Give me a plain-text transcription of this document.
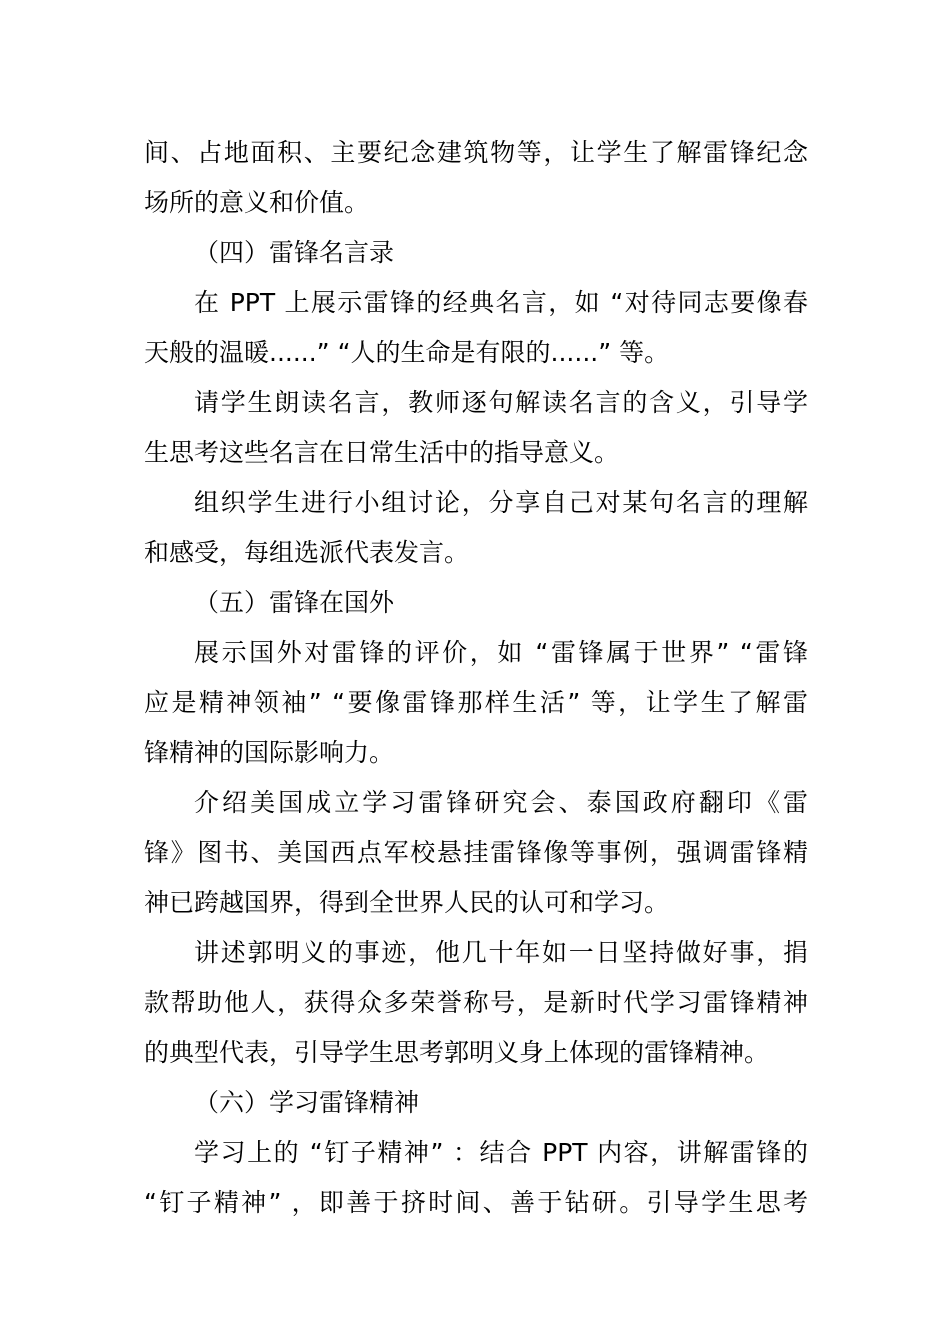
间、占地面积、主要纪念建筑物等，让学生了解雷锋纪念
场所的意义和价值。
（四）雷锋名言录
在 PPT 上展示雷锋的经典名言，如 “对待同志要像春
天般的温暖......” “人的生命是有限的......” 等。
请学生朗读名言，教师逐句解读名言的含义，引导学
生思考这些名言在日常生活中的指导意义。
组织学生进行小组讨论，分享自己对某句名言的理解
和感受，每组选派代表发言。
（五）雷锋在国外
展示国外对雷锋的评价，如 “雷锋属于世界” “雷锋
应是精神领袖” “要像雷锋那样生活” 等，让学生了解雷
锋精神的国际影响力。
介绍美国成立学习雷锋研究会、泰国政府翻印《雷
锋》图书、美国西点军校悬挂雷锋像等事例，强调雷锋精
神已跨越国界，得到全世界人民的认可和学习。
讲述郭明义的事迹，他几十年如一日坚持做好事，捐
款帮助他人，获得众多荣誉称号，是新时代学习雷锋精神
的典型代表，引导学生思考郭明义身上体现的雷锋精神。
（六）学习雷锋精神
学习上的 “钉子精神” ：结合 PPT 内容，讲解雷锋的
“钉子精神” ，即善于挤时间、善于钻研。引导学生思考
